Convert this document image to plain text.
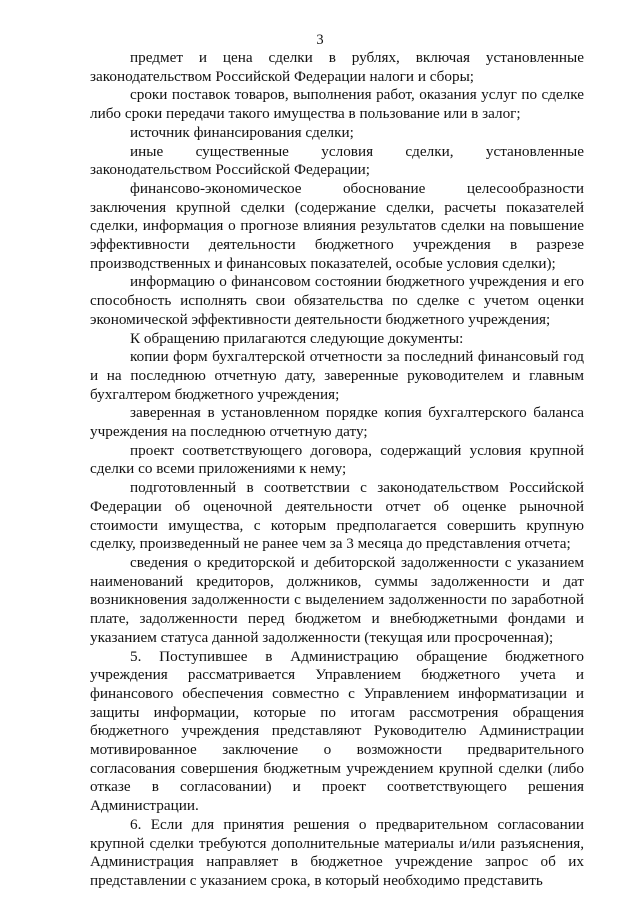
3

предмет и цена сделки в рублях, включая установленные законодательством Российской Федерации налоги и сборы;

сроки поставок товаров, выполнения работ, оказания услуг по сделке либо сроки передачи такого имущества в пользование или в залог;

источник финансирования сделки;

иные существенные условия сделки, установленные законодательством Российской Федерации;

финансово-экономическое обоснование целесообразности заключения крупной сделки (содержание сделки, расчеты показателей сделки, информация о прогнозе влияния результатов сделки на повышение эффективности деятельности бюджетного учреждения в разрезе производственных и финансовых показателей, особые условия сделки);

информацию о финансовом состоянии бюджетного учреждения и его способность исполнять свои обязательства по сделке с учетом оценки экономической эффективности деятельности бюджетного учреждения;

К обращению прилагаются следующие документы:

копии форм бухгалтерской отчетности за последний финансовый год и на последнюю отчетную дату, заверенные руководителем и главным бухгалтером бюджетного учреждения;

заверенная в установленном порядке копия бухгалтерского баланса учреждения на последнюю отчетную дату;

проект соответствующего договора, содержащий условия крупной сделки со всеми приложениями к нему;

подготовленный в соответствии с законодательством Российской Федерации об оценочной деятельности отчет об оценке рыночной стоимости имущества, с которым предполагается совершить крупную сделку, произведенный не ранее чем за 3 месяца до представления отчета;

сведения о кредиторской и дебиторской задолженности с указанием наименований кредиторов, должников, суммы задолженности и дат возникновения задолженности с выделением задолженности по заработной плате, задолженности перед бюджетом и внебюджетными фондами и указанием статуса данной задолженности (текущая или просроченная);

5. Поступившее в Администрацию обращение бюджетного учреждения рассматривается Управлением бюджетного учета и финансового обеспечения совместно с Управлением информатизации и защиты информации, которые по итогам рассмотрения обращения бюджетного учреждения представляют Руководителю Администрации мотивированное заключение о возможности предварительного согласования совершения бюджетным учреждением крупной сделки (либо отказе в согласовании) и проект соответствующего решения Администрации.

6. Если для принятия решения о предварительном согласовании крупной сделки требуются дополнительные материалы и/или разъяснения, Администрация направляет в бюджетное учреждение запрос об их представлении с указанием срока, в который необходимо представить
